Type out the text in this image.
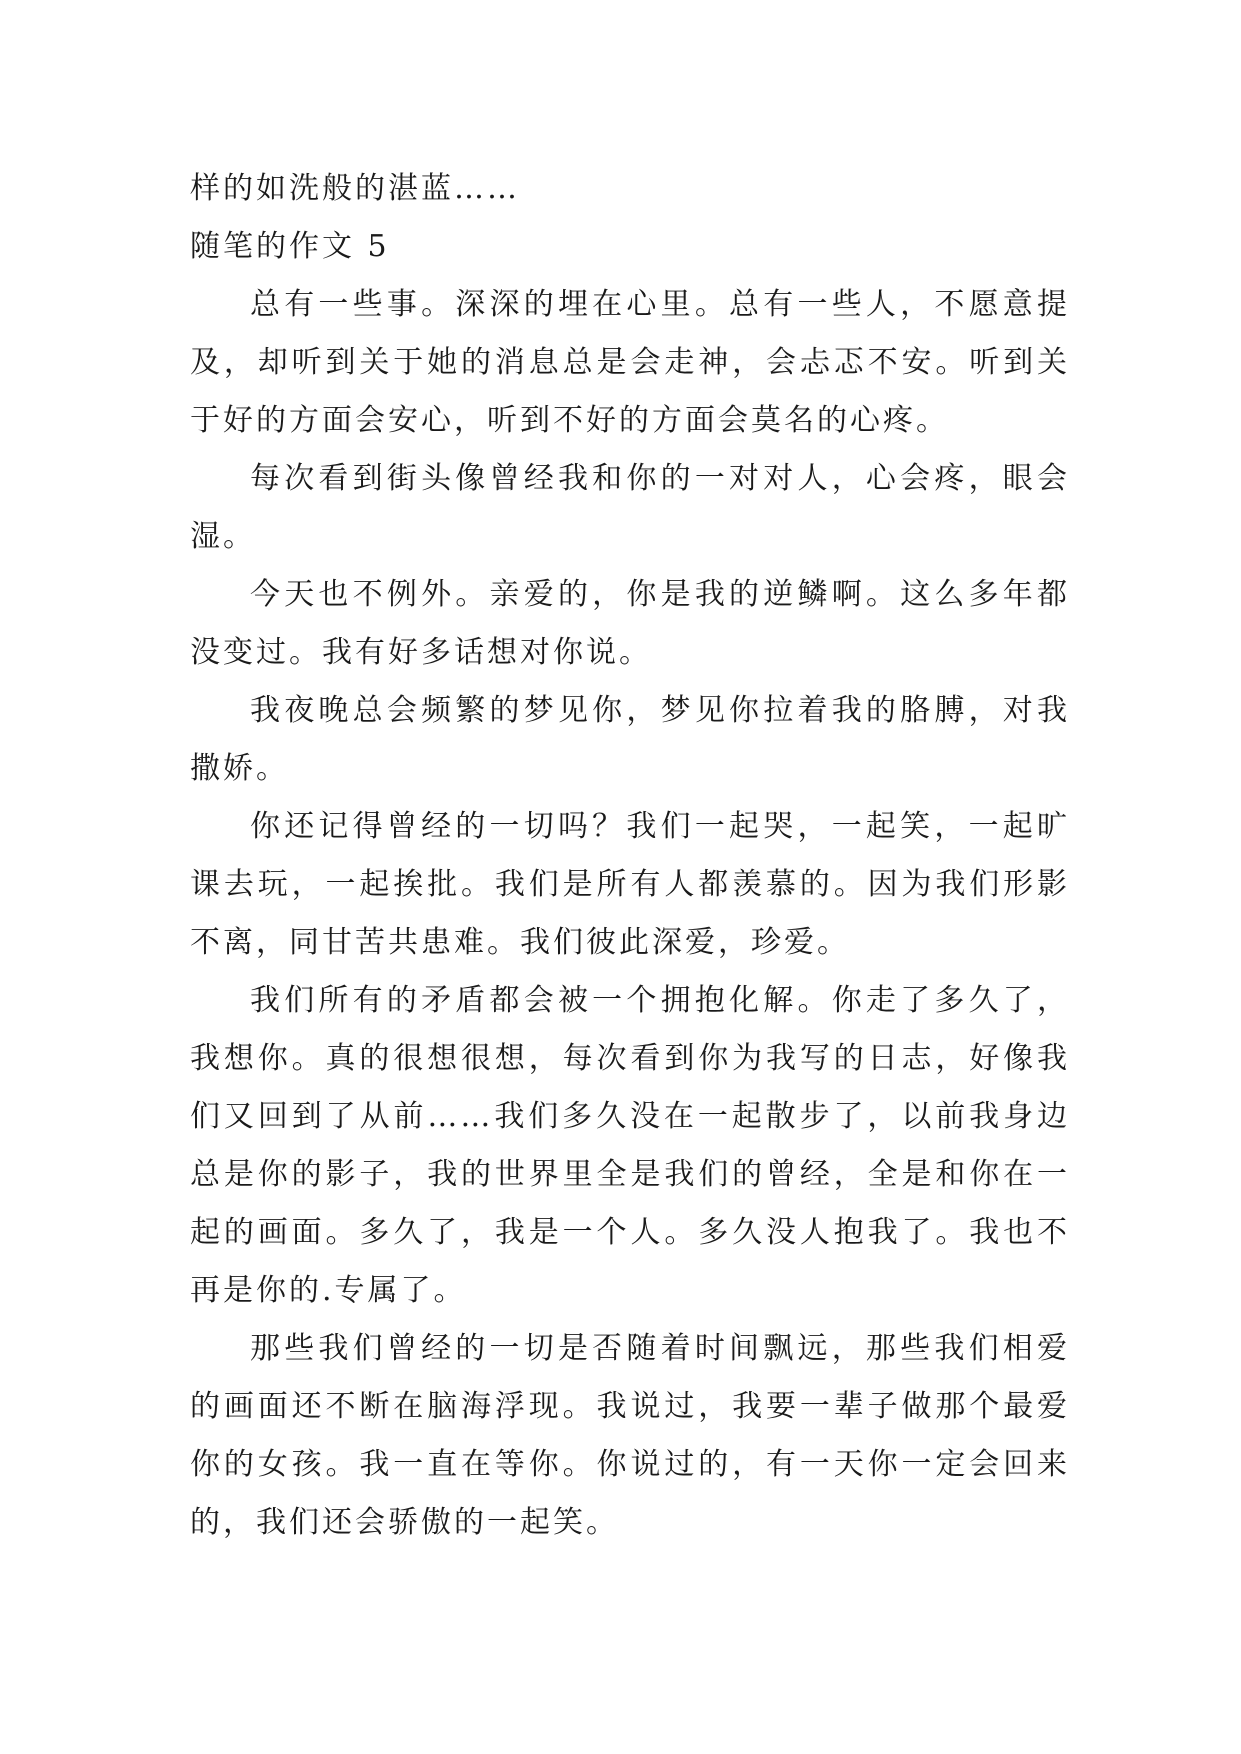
样的如洗般的湛蓝……

随笔的作文 5

总有一些事。深深的埋在心里。总有一些人，不愿意提及，却听到关于她的消息总是会走神，会忐忑不安。听到关于好的方面会安心，听到不好的方面会莫名的心疼。

每次看到街头像曾经我和你的一对对人，心会疼，眼会湿。

今天也不例外。亲爱的，你是我的逆鳞啊。这么多年都没变过。我有好多话想对你说。

我夜晚总会频繁的梦见你，梦见你拉着我的胳膊，对我撒娇。

你还记得曾经的一切吗？我们一起哭，一起笑，一起旷课去玩，一起挨批。我们是所有人都羡慕的。因为我们形影不离，同甘苦共患难。我们彼此深爱，珍爱。

我们所有的矛盾都会被一个拥抱化解。你走了多久了，我想你。真的很想很想，每次看到你为我写的日志，好像我们又回到了从前……我们多久没在一起散步了，以前我身边总是你的影子，我的世界里全是我们的曾经，全是和你在一起的画面。多久了，我是一个人。多久没人抱我了。我也不再是你的.专属了。

那些我们曾经的一切是否随着时间飘远，那些我们相爱的画面还不断在脑海浮现。我说过，我要一辈子做那个最爱你的女孩。我一直在等你。你说过的，有一天你一定会回来的，我们还会骄傲的一起笑。
